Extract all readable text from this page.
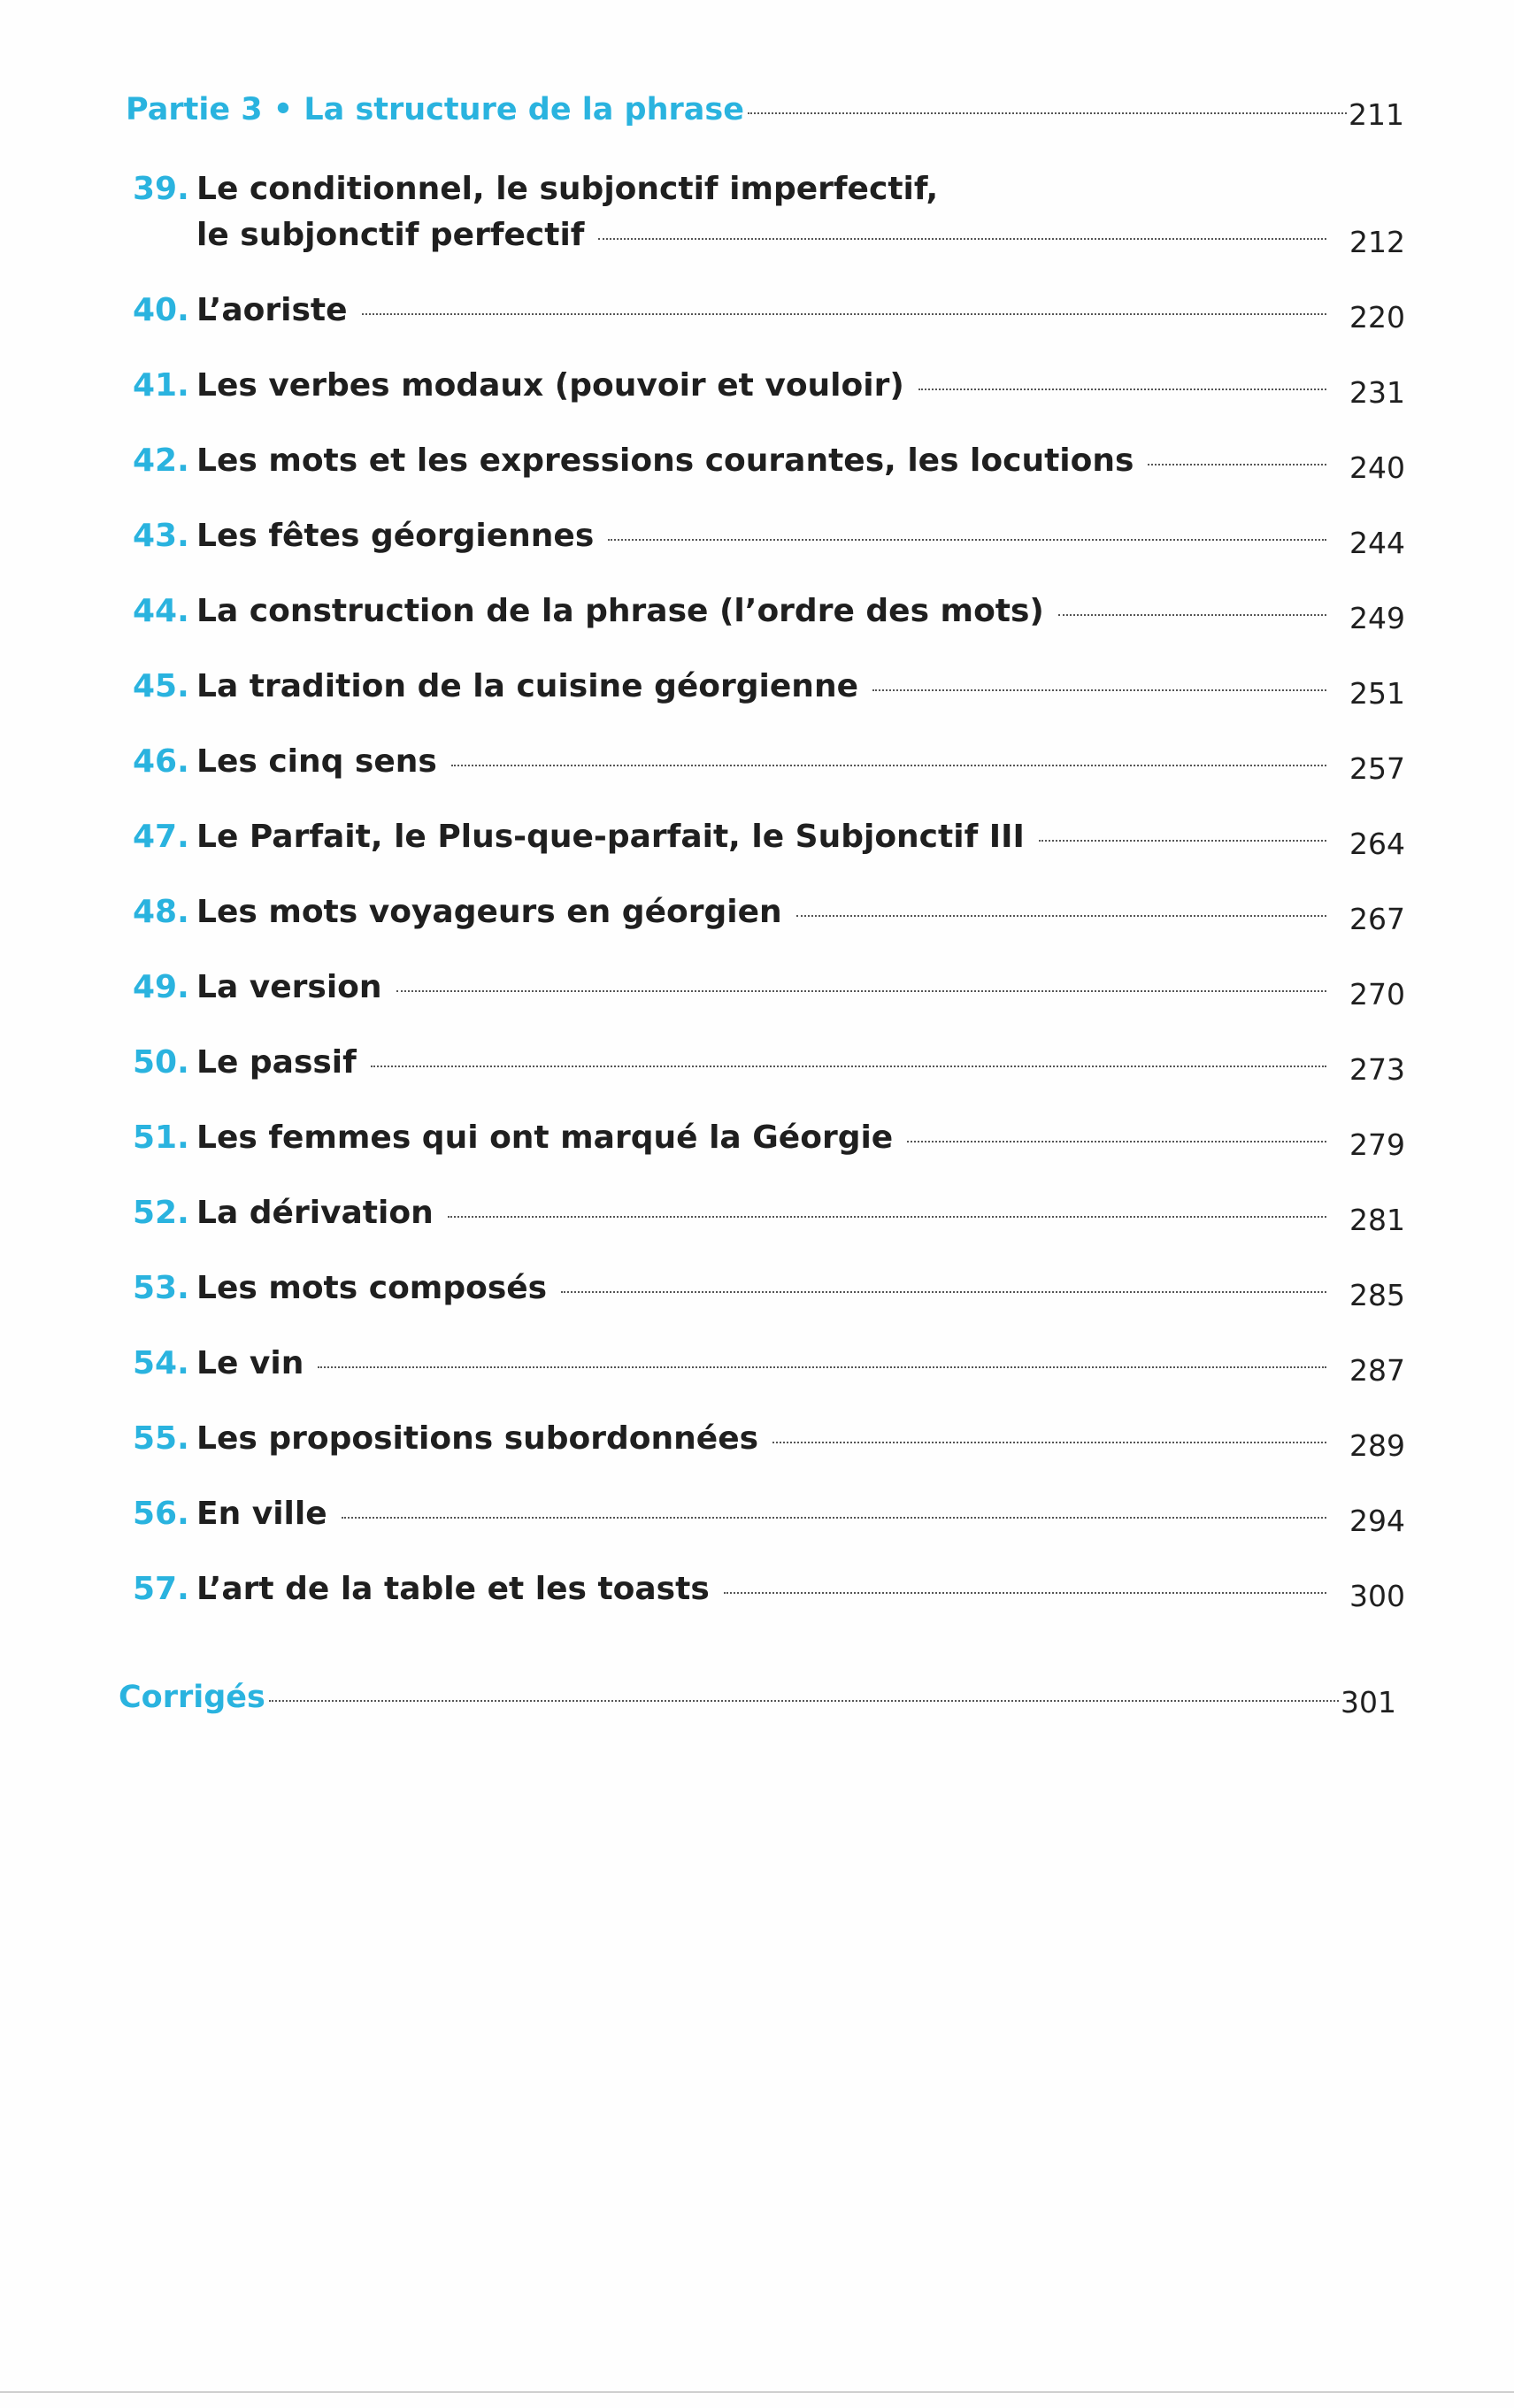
Partie 3 • La structure de la phrase	211
39. Le conditionnel, le subjonctif imperfectif,
le subjonctif perfectif	212
40. L’aoriste	220
41. Les verbes modaux (pouvoir et vouloir)	231
42. Les mots et les expressions courantes, les locutions	240
43. Les fêtes géorgiennes	244
44. La construction de la phrase (l’ordre des mots)	249
45. La tradition de la cuisine géorgienne	251
46. Les cinq sens	257
47. Le Parfait, le Plus-que-parfait, le Subjonctif III	264
48. Les mots voyageurs en géorgien	267
49. La version	270
50. Le passif	273
51. Les femmes qui ont marqué la Géorgie	279
52. La dérivation	281
53. Les mots composés	285
54. Le vin	287
55. Les propositions subordonnées	289
56. En ville	294
57. L’art de la table et les toasts	300
Corrigés	301
